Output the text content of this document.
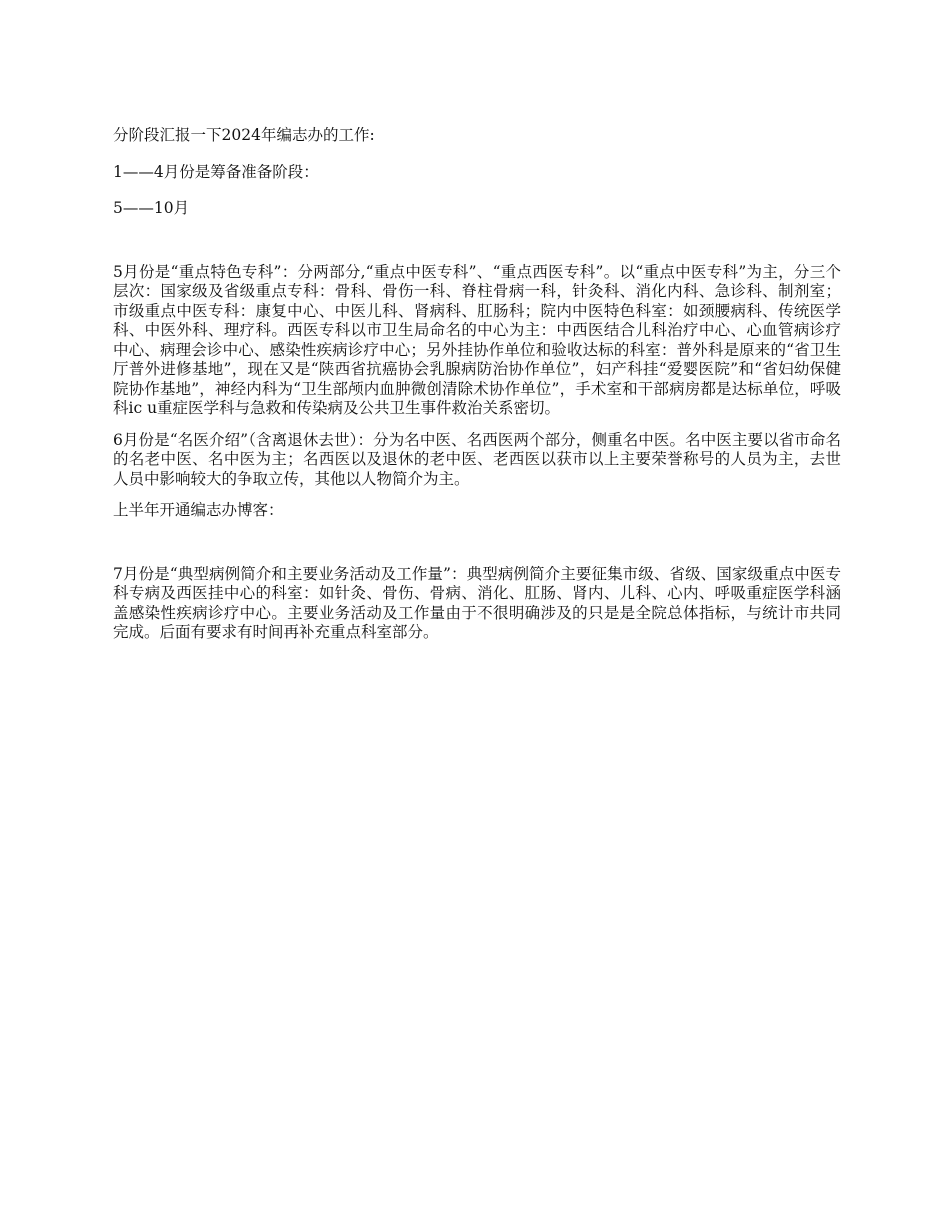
分阶段汇报一下2024年编志办的工作:

1——4月份是筹备准备阶段：

5——10月

5月份是“重点特色专科”：分两部分,“重点中医专科”、“重点西医专科”。以“重点中医专科”为主，分三个层次：国家级及省级重点专科：骨科、骨伤一科、脊柱骨病一科，针灸科、消化内科、急诊科、制剂室；市级重点中医专科：康复中心、中医儿科、肾病科、肛肠科；院内中医特色科室：如颈腰病科、传统医学科、中医外科、理疗科。西医专科以市卫生局命名的中心为主：中西医结合儿科治疗中心、心血管病诊疗中心、病理会诊中心、感染性疾病诊疗中心；另外挂协作单位和验收达标的科室：普外科是原来的“省卫生厅普外进修基地”，现在又是“陕西省抗癌协会乳腺病防治协作单位”，妇产科挂“爱婴医院”和“省妇幼保健院协作基地”，神经内科为“卫生部颅内血肿微创清除术协作单位”，手术室和干部病房都是达标单位，呼吸科ic u重症医学科与急救和传染病及公共卫生事件救治关系密切。

6月份是“名医介绍”（含离退休去世）：分为名中医、名西医两个部分，侧重名中医。名中医主要以省市命名的名老中医、名中医为主；名西医以及退休的老中医、老西医以获市以上主要荣誉称号的人员为主，去世人员中影响较大的争取立传，其他以人物简介为主。

上半年开通编志办博客：

7月份是“典型病例简介和主要业务活动及工作量”：典型病例简介主要征集市级、省级、国家级重点中医专科专病及西医挂中心的科室：如针灸、骨伤、骨病、消化、肛肠、肾内、儿科、心内、呼吸重症医学科涵盖感染性疾病诊疗中心。主要业务活动及工作量由于不很明确涉及的只是是全院总体指标，与统计市共同完成。后面有要求有时间再补充重点科室部分。
